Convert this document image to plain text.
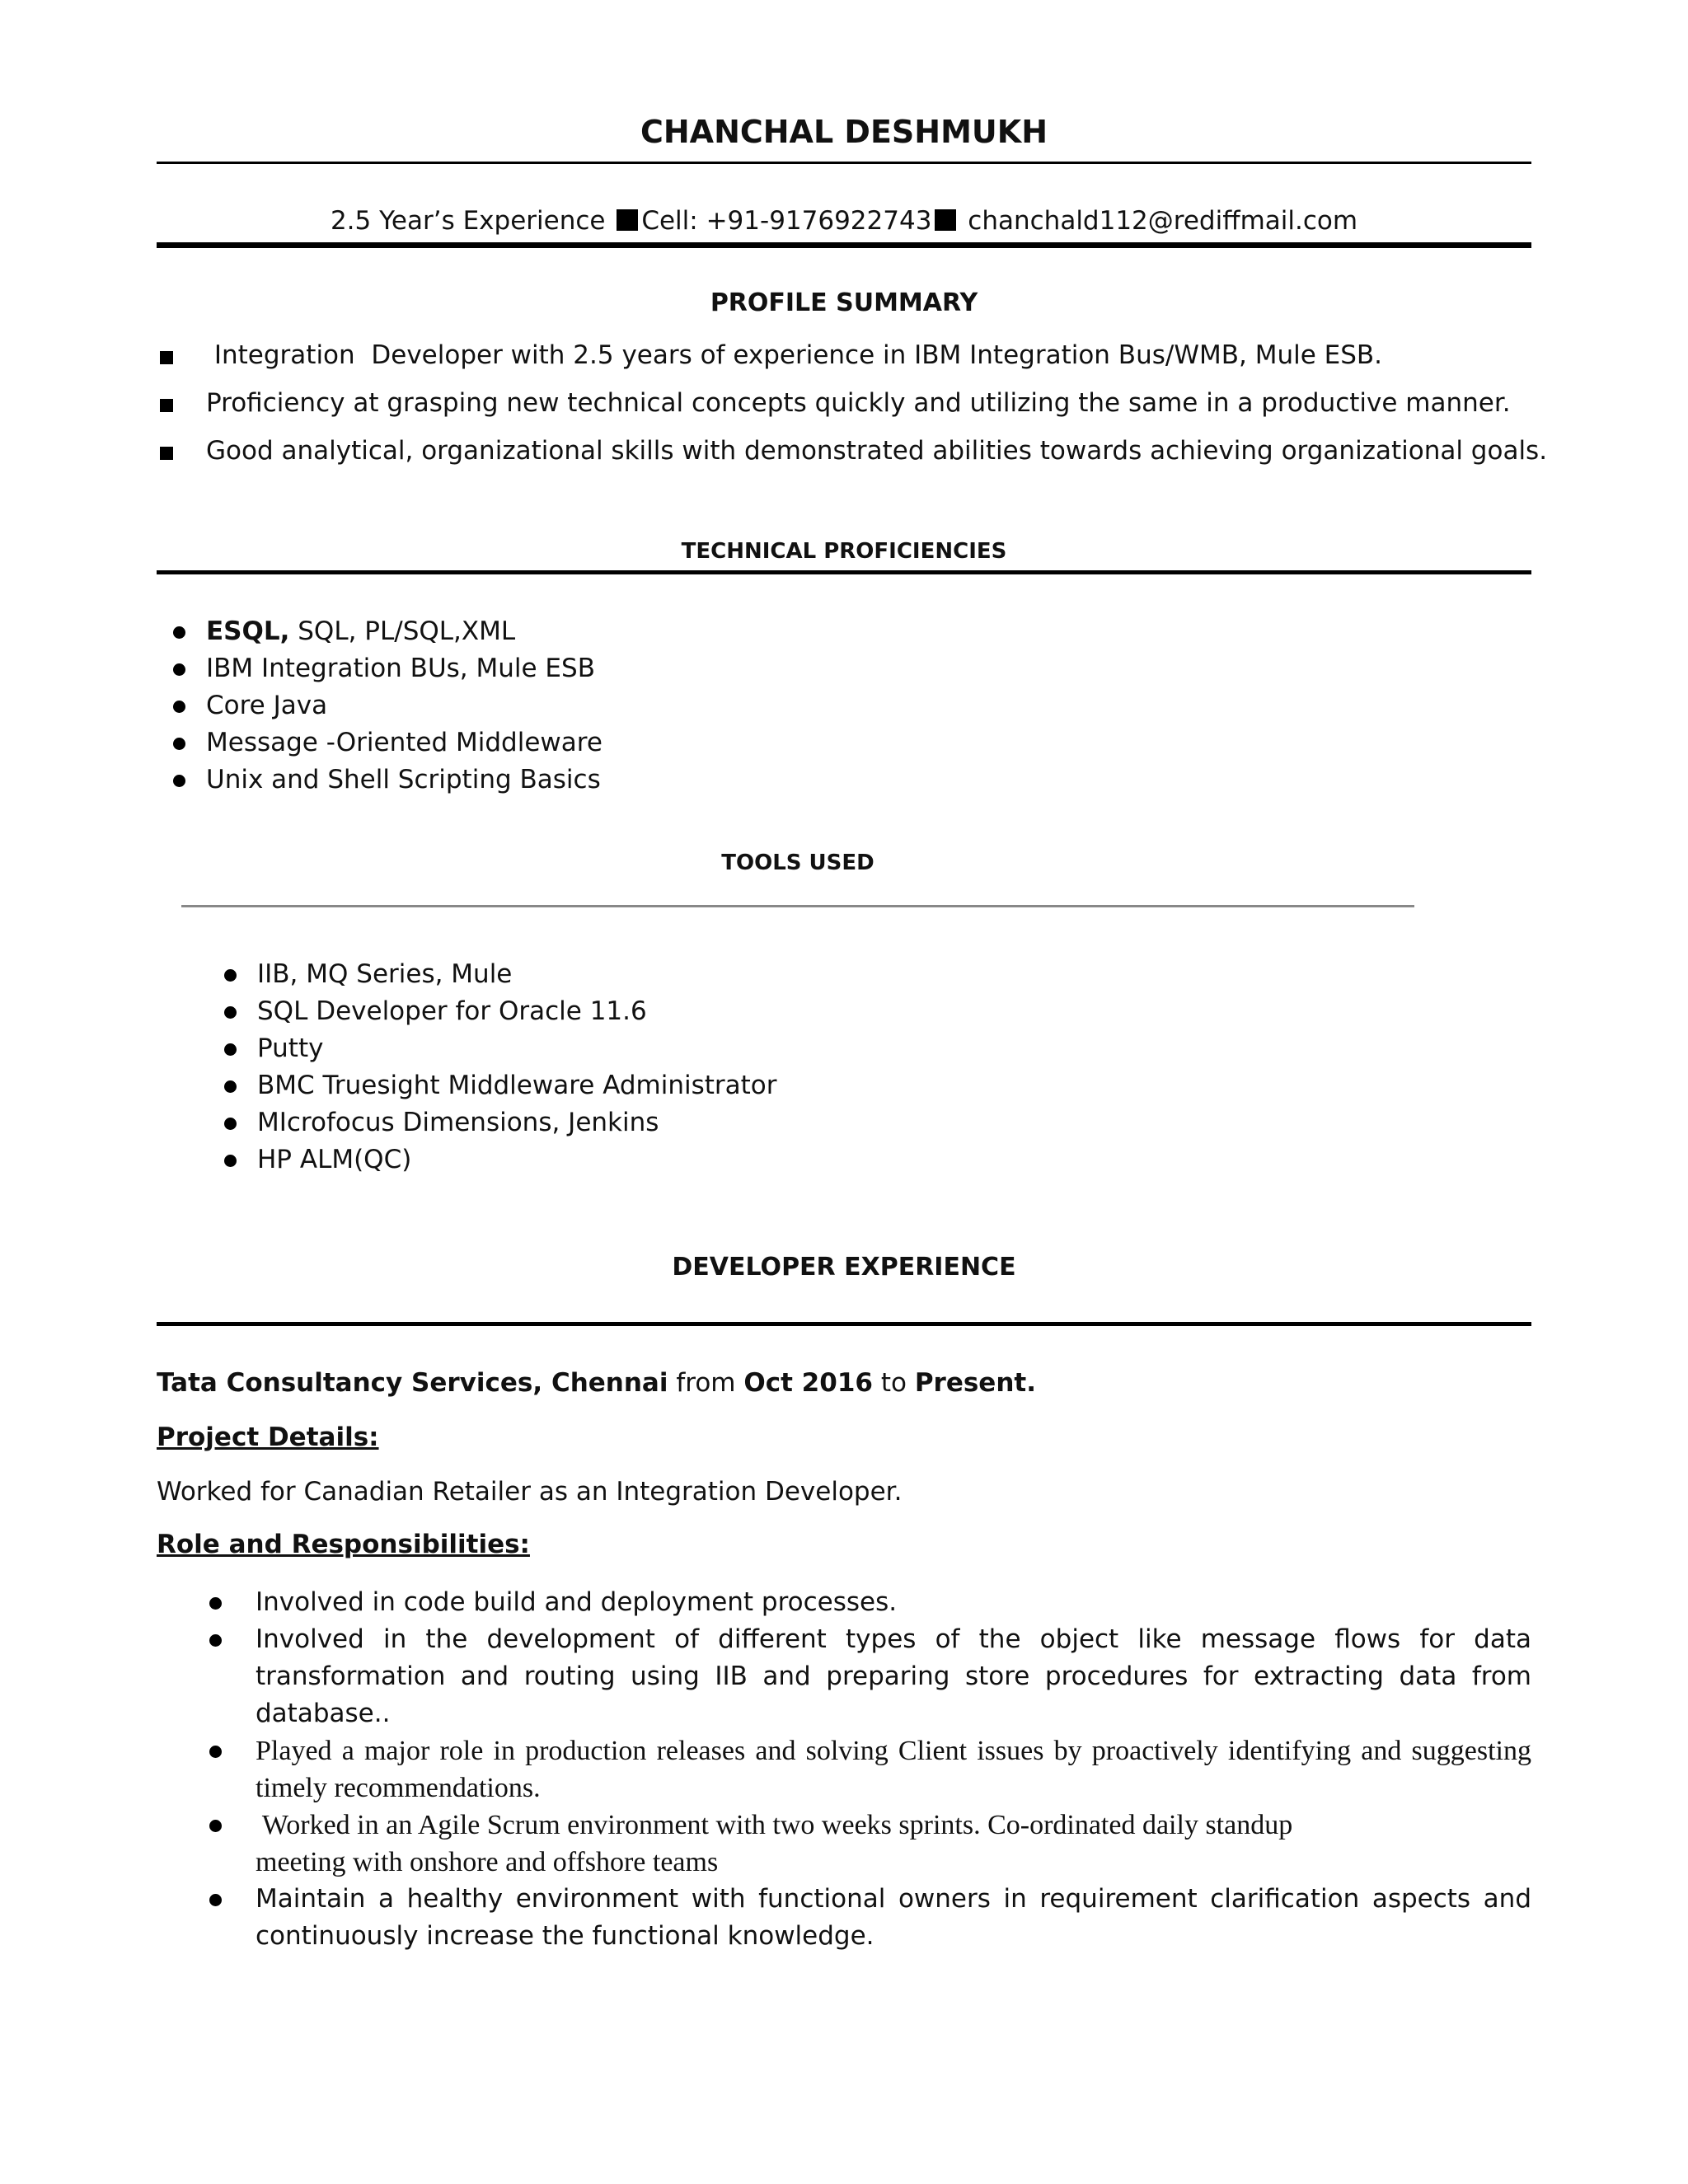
CHANCHAL DESHMUKH
2.5 Year’s Experience Cell: +91-9176922743 chanchald112@rediffmail.com
PROFILE SUMMARY
Integration  Developer with 2.5 years of experience in IBM Integration Bus/WMB, Mule ESB.
Proficiency at grasping new technical concepts quickly and utilizing the same in a productive manner.
Good analytical, organizational skills with demonstrated abilities towards achieving organizational goals.
TECHNICAL PROFICIENCIES
ESQL, SQL, PL/SQL,XML
IBM Integration BUs, Mule ESB
Core Java
Message -Oriented Middleware
Unix and Shell Scripting Basics
TOOLS USED
IIB, MQ Series, Mule
SQL Developer for Oracle 11.6
Putty
BMC Truesight Middleware Administrator
MIcrofocus Dimensions, Jenkins
HP ALM(QC)
DEVELOPER EXPERIENCE
Tata Consultancy Services, Chennai from Oct 2016 to Present.
Project Details:
Worked for Canadian Retailer as an Integration Developer.
Role and Responsibilities:
Involved in code build and deployment processes.
Involved in the development of different types of the object like message flows for data transformation and routing using IIB and preparing store procedures for extracting data from database..
Played a major role in production releases and solving Client issues by proactively identifying and suggesting timely recommendations.
Worked in an Agile Scrum environment with two weeks sprints. Co-ordinated daily standup
meeting with onshore and offshore teams
Maintain a healthy environment with functional owners in requirement clarification aspects and continuously increase the functional knowledge.
